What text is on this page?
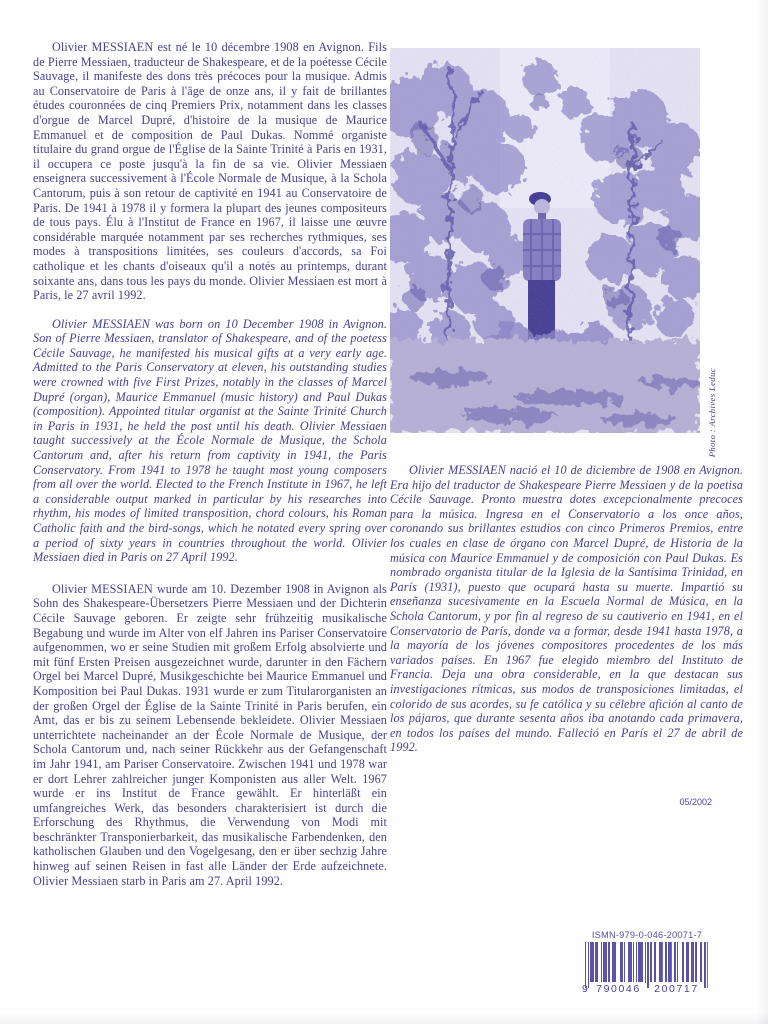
Olivier MESSIAEN est né le 10 décembre 1908 en Avignon. Fils de Pierre Messiaen, traducteur de Shakespeare, et de la poétesse Cécile Sauvage, il manifeste des dons très précoces pour la musique. Admis au Conservatoire de Paris à l'âge de onze ans, il y fait de brillantes études couronnées de cinq Premiers Prix, notamment dans les classes d'orgue de Marcel Dupré, d'histoire de la musique de Maurice Emmanuel et de composition de Paul Dukas. Nommé organiste titulaire du grand orgue de l'Église de la Sainte Trinité à Paris en 1931, il occupera ce poste jusqu'à la fin de sa vie. Olivier Messiaen enseignera successivement à l'École Normale de Musique, à la Schola Cantorum, puis à son retour de captivité en 1941 au Conservatoire de Paris. De 1941 à 1978 il y formera la plupart des jeunes compositeurs de tous pays. Élu à l'Institut de France en 1967, il laisse une œuvre considérable marquée notamment par ses recherches rythmiques, ses modes à transpositions limitées, ses couleurs d'accords, sa Foi catholique et les chants d'oiseaux qu'il a notés au printemps, durant soixante ans, dans tous les pays du monde. Olivier Messiaen est mort à Paris, le 27 avril 1992.

Olivier MESSIAEN was born on 10 December 1908 in Avignon. Son of Pierre Messiaen, translator of Shakespeare, and of the poetess Cécile Sauvage, he manifested his musical gifts at a very early age. Admitted to the Paris Conservatory at eleven, his outstanding studies were crowned with five First Prizes, notably in the classes of Marcel Dupré (organ), Maurice Emmanuel (music history) and Paul Dukas (composition). Appointed titular organist at the Sainte Trinité Church in Paris in 1931, he held the post until his death. Olivier Messiaen taught successively at the École Normale de Musique, the Schola Cantorum and, after his return from captivity in 1941, the Paris Conservatory. From 1941 to 1978 he taught most young composers from all over the world. Elected to the French Institute in 1967, he left a considerable output marked in particular by his researches into rhythm, his modes of limited transposition, chord colours, his Roman Catholic faith and the bird-songs, which he notated every spring over a period of sixty years in countries throughout the world. Olivier Messiaen died in Paris on 27 April 1992.

Olivier MESSIAEN wurde am 10. Dezember 1908 in Avignon als Sohn des Shakespeare-Übersetzers Pierre Messiaen und der Dichterin Cécile Sauvage geboren. Er zeigte sehr frühzeitig musikalische Begabung und wurde im Alter von elf Jahren ins Pariser Conservatoire aufgenommen, wo er seine Studien mit großem Erfolg absolvierte und mit fünf Ersten Preisen ausgezeichnet wurde, darunter in den Fächern Orgel bei Marcel Dupré, Musikgeschichte bei Maurice Emmanuel und Komposition bei Paul Dukas. 1931 wurde er zum Titularorganisten an der großen Orgel der Église de la Sainte Trinité in Paris berufen, ein Amt, das er bis zu seinem Lebensende bekleidete. Olivier Messiaen unterrichtete nacheinander an der École Normale de Musique, der Schola Cantorum und, nach seiner Rückkehr aus der Gefangenschaft im Jahr 1941, am Pariser Conservatoire. Zwischen 1941 und 1978 war er dort Lehrer zahlreicher junger Komponisten aus aller Welt. 1967 wurde er ins Institut de France gewählt. Er hinterläßt ein umfangreiches Werk, das besonders charakterisiert ist durch die Erforschung des Rhythmus, die Verwendung von Modi mit beschränkter Transponierbarkeit, das musikalische Farbendenken, den katholischen Glauben und den Vogelgesang, den er über sechzig Jahre hinweg auf seinen Reisen in fast alle Länder der Erde aufzeichnete. Olivier Messiaen starb in Paris am 27. April 1992.

Photo : Archives Leduc

Olivier MESSIAEN nació el 10 de diciembre de 1908 en Avignon. Era hijo del traductor de Shakespeare Pierre Messiaen y de la poetisa Cécile Sauvage. Pronto muestra dotes excepcionalmente precoces para la música. Ingresa en el Conservatorio a los once años, coronando sus brillantes estudios con cinco Primeros Premios, entre los cuales en clase de órgano con Marcel Dupré, de Historia de la música con Maurice Emmanuel y de composición con Paul Dukas. Es nombrado organista titular de la Iglesia de la Santísima Trinidad, en París (1931), puesto que ocupará hasta su muerte. Impartió su enseñanza sucesivamente en la Escuela Normal de Música, en la Schola Cantorum, y por fin al regreso de su cautiverio en 1941, en el Conservatorio de París, donde va a formar, desde 1941 hasta 1978, a la mayoría de los jóvenes compositores procedentes de los más variados países. En 1967 fue elegido miembro del Instituto de Francia. Deja una obra considerable, en la que destacan sus investigaciones rítmicas, sus modos de transposiciones limitadas, el colorido de sus acordes, su fe católica y su célebre afición al canto de los pájaros, que durante sesenta años iba anotando cada primavera, en todos los países del mundo. Falleció en París el 27 de abril de 1992.

05/2002
ISMN-979-0-046-20071-7
9 790046	200717
